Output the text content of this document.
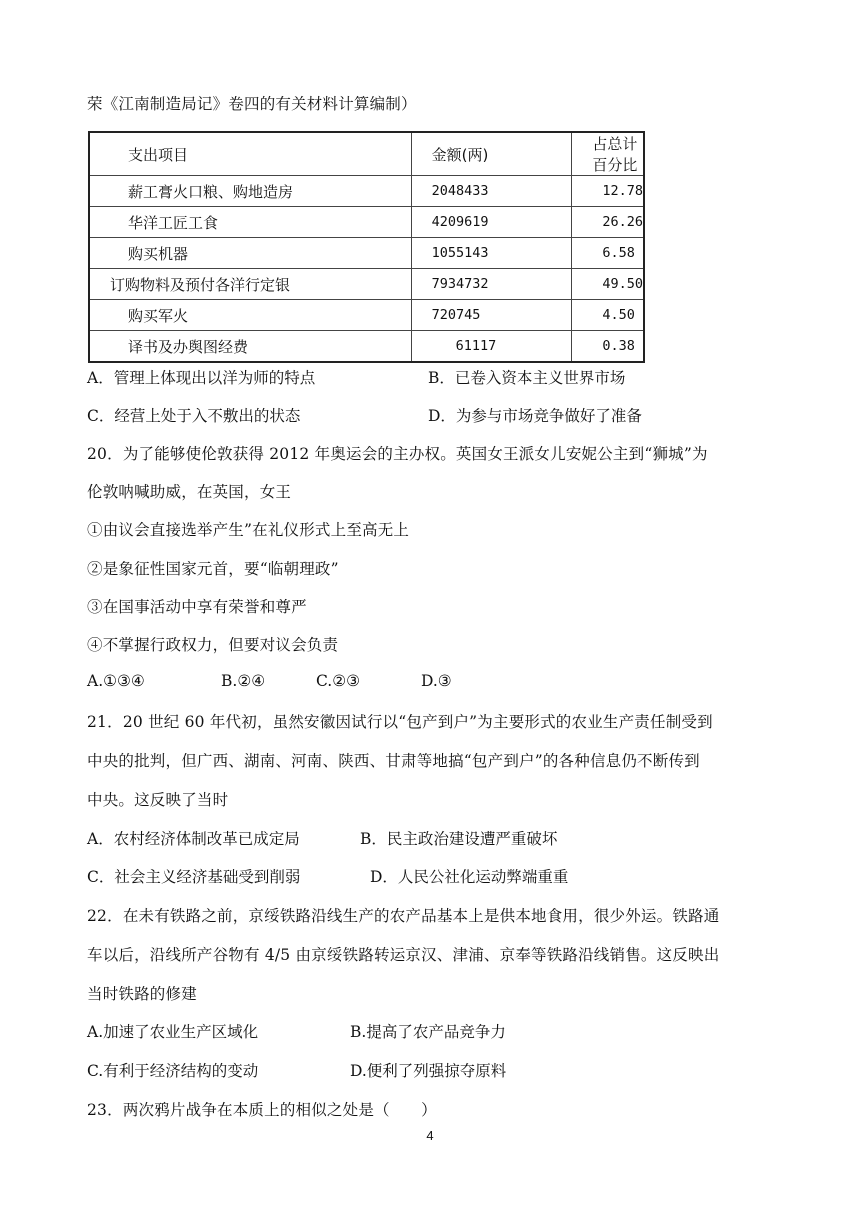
荣《江南制造局记》卷四的有关材料计算编制）
支出项目	金额(两)	占总计百分比
薪工膏火口粮、购地造房	2048433	12.78
华洋工匠工食	4209619	26.26
购买机器	1055143	6.58
订购物料及预付各洋行定银	7934732	49.50
购买军火	720745	4.50
译书及办舆图经费	61117	0.38
A．管理上体现出以洋为师的特点	B．已卷入资本主义世界市场
C．经营上处于入不敷出的状态	D．为参与市场竞争做好了准备
20．为了能够使伦敦获得 2012 年奥运会的主办权。英国女王派女儿安妮公主到“狮城”为
伦敦呐喊助威，在英国，女王
①由议会直接选举产生”在礼仪形式上至高无上
②是象征性国家元首，要“临朝理政”
③在国事活动中享有荣誉和尊严
④不掌握行政权力，但要对议会负责
A.①③④	B.②④	C.②③	D.③
21．20 世纪 60 年代初，虽然安徽因试行以“包产到户”为主要形式的农业生产责任制受到
中央的批判，但广西、湖南、河南、陕西、甘肃等地搞“包产到户”的各种信息仍不断传到
中央。这反映了当时
A．农村经济体制改革已成定局	B．民主政治建设遭严重破坏
C．社会主义经济基础受到削弱	D．人民公社化运动弊端重重
22．在未有铁路之前，京绥铁路沿线生产的农产品基本上是供本地食用，很少外运。铁路通
车以后，沿线所产谷物有 4/5 由京绥铁路转运京汉、津浦、京奉等铁路沿线销售。这反映出
当时铁路的修建
A.加速了农业生产区域化	B.提高了农产品竞争力
C.有利于经济结构的变动	D.便利了列强掠夺原料
23．两次鸦片战争在本质上的相似之处是（　　）
4
